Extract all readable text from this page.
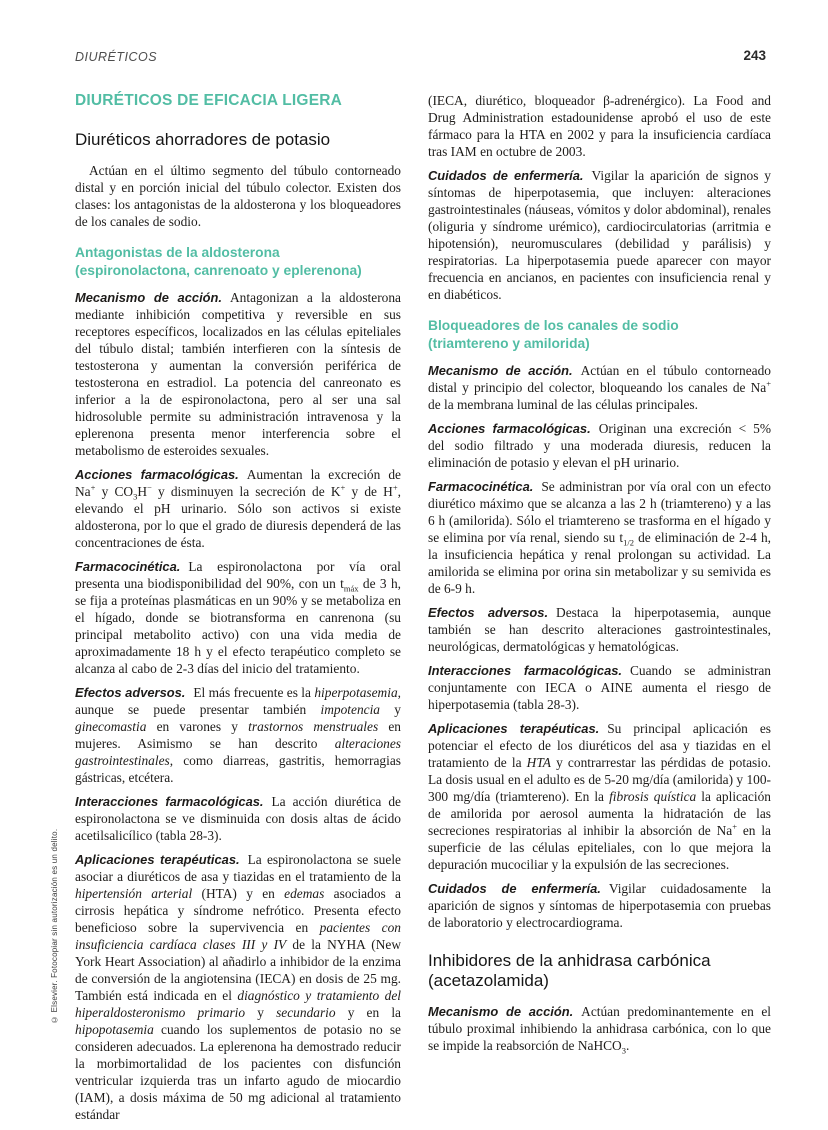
DIURÉTICOS	243
© Elsevier. Fotocopiar sin autorización es un delito.
DIURÉTICOS DE EFICACIA LIGERA
Diuréticos ahorradores de potasio

Actúan en el último segmento del túbulo contorneado distal y en porción inicial del túbulo colector. Existen dos clases: los antagonistas de la aldosterona y los bloqueadores de los canales de sodio.

Antagonistas de la aldosterona
(espironolactona, canrenoato y eplerenona)

Mecanismo de acción. Antagonizan a la aldosterona mediante inhibición competitiva y reversible en sus receptores específicos, localizados en las células epiteliales del túbulo distal; también interfieren con la síntesis de testosterona y aumentan la conversión periférica de testosterona en estradiol. La potencia del canreonato es inferior a la de espironolactona, pero al ser una sal hidrosoluble permite su administración intravenosa y la eplerenona presenta menor interferencia sobre el metabolismo de esteroides sexuales.

Acciones farmacológicas. Aumentan la excreción de Na+ y $CO_3H^-$ y disminuyen la secreción de K+ y de H+, elevando el pH urinario. Sólo son activos si existe aldosterona, por lo que el grado de diuresis dependerá de las concentraciones de ésta.

Farmacocinética. La espironolactona por vía oral presenta una biodisponibilidad del 90%, con un $t_{máx}$ de 3 h, se fija a proteínas plasmáticas en un 90% y se metaboliza en el hígado, donde se biotransforma en canrenona (su principal metabolito activo) con una vida media de aproximadamente 18 h y el efecto terapéutico completo se alcanza al cabo de 2-3 días del inicio del tratamiento.

Efectos adversos. El más frecuente es la hiperpotasemia, aunque se puede presentar también impotencia y ginecomastia en varones y trastornos menstruales en mujeres. Asimismo se han descrito alteraciones gastrointestinales, como diarreas, gastritis, hemorragias gástricas, etcétera.

Interacciones farmacológicas. La acción diurética de espironolactona se ve disminuida con dosis altas de ácido acetilsalicílico (tabla 28-3).

Aplicaciones terapéuticas. La espironolactona se suele asociar a diuréticos de asa y tiazidas en el tratamiento de la hipertensión arterial (HTA) y en edemas asociados a cirrosis hepática y síndrome nefrótico. Presenta efecto beneficioso sobre la supervivencia en pacientes con insuficiencia cardíaca clases III y IV de la NYHA (New York Heart Association) al añadirlo a inhibidor de la enzima de conversión de la angiotensina (IECA) en dosis de 25 mg. También está indicada en el diagnóstico y tratamiento del hiperaldosteronismo primario y secundario y en la hipopotasemia cuando los suplementos de potasio no se consideren adecuados. La eplerenona ha demostrado reducir la morbimortalidad de los pacientes con disfunción ventricular izquierda tras un infarto agudo de miocardio (IAM), a dosis máxima de 50 mg adicional al tratamiento estándar

(IECA, diurético, bloqueador β-adrenérgico). La Food and Drug Administration estadounidense aprobó el uso de este fármaco para la HTA en 2002 y para la insuficiencia cardíaca tras IAM en octubre de 2003.

Cuidados de enfermería. Vigilar la aparición de signos y síntomas de hiperpotasemia, que incluyen: alteraciones gastrointestinales (náuseas, vómitos y dolor abdominal), renales (oliguria y síndrome urémico), cardiocirculatorias (arritmia e hipotensión), neuromusculares (debilidad y parálisis) y respiratorias. La hiperpotasemia puede aparecer con mayor frecuencia en ancianos, en pacientes con insuficiencia renal y en diabéticos.

Bloqueadores de los canales de sodio
(triamtereno y amilorida)

Mecanismo de acción. Actúan en el túbulo contorneado distal y principio del colector, bloqueando los canales de Na+ de la membrana luminal de las células principales.

Acciones farmacológicas. Originan una excreción < 5% del sodio filtrado y una moderada diuresis, reducen la eliminación de potasio y elevan el pH urinario.

Farmacocinética. Se administran por vía oral con un efecto diurético máximo que se alcanza a las 2 h (triamtereno) y a las 6 h (amilorida). Sólo el triamtereno se trasforma en el hígado y se elimina por vía renal, siendo su $t_{1/2}$ de eliminación de 2-4 h, la insuficiencia hepática y renal prolongan su actividad. La amilorida se elimina por orina sin metabolizar y su semivida es de 6-9 h.

Efectos adversos. Destaca la hiperpotasemia, aunque también se han descrito alteraciones gastrointestinales, neurológicas, dermatológicas y hematológicas.

Interacciones farmacológicas. Cuando se administran conjuntamente con IECA o AINE aumenta el riesgo de hiperpotasemia (tabla 28-3).

Aplicaciones terapéuticas. Su principal aplicación es potenciar el efecto de los diuréticos del asa y tiazidas en el tratamiento de la HTA y contrarrestar las pérdidas de potasio. La dosis usual en el adulto es de 5-20 mg/día (amilorida) y 100-300 mg/día (triamtereno). En la fibrosis quística la aplicación de amilorida por aerosol aumenta la hidratación de las secreciones respiratorias al inhibir la absorción de Na+ en la superficie de las células epiteliales, con lo que mejora la depuración mucociliar y la expulsión de las secreciones.

Cuidados de enfermería. Vigilar cuidadosamente la aparición de signos y síntomas de hiperpotasemia con pruebas de laboratorio y electrocardiograma.

Inhibidores de la anhidrasa carbónica
(acetazolamida)

Mecanismo de acción. Actúan predominantemente en el túbulo proximal inhibiendo la anhidrasa carbónica, con lo que se impide la reabsorción de NaHCO$_3$.
